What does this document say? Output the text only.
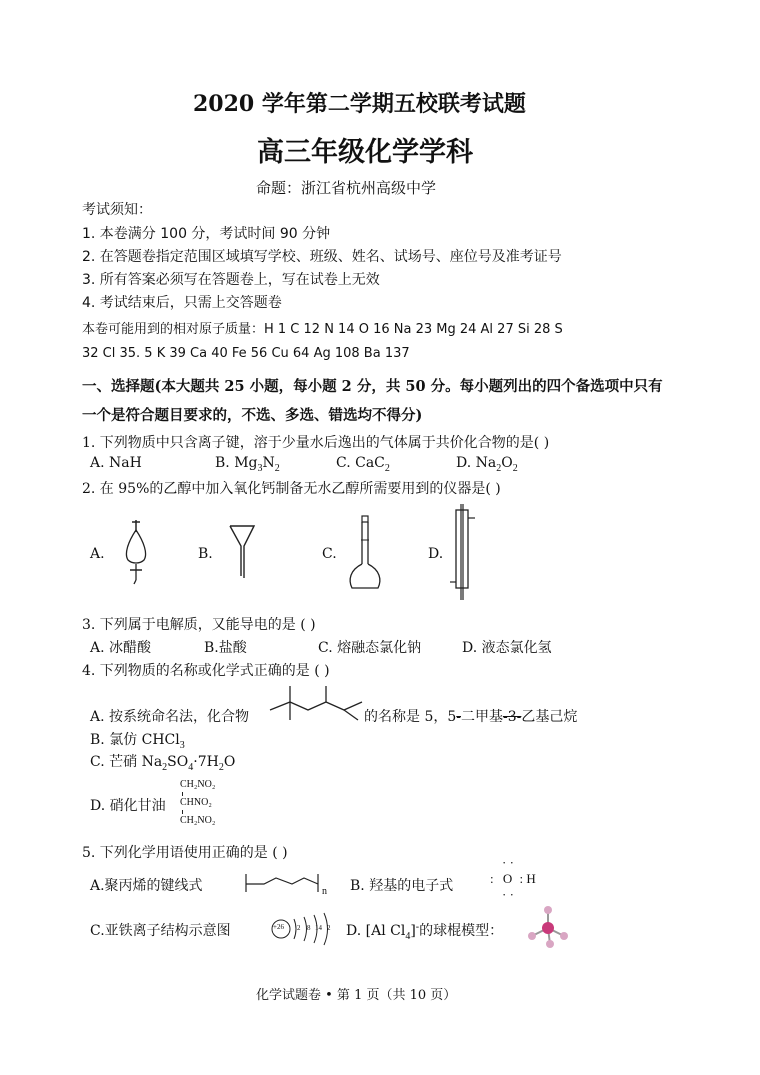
2020 学年第二学期五校联考试题
高三年级化学学科
命题：浙江省杭州高级中学
考试须知：
1. 本卷满分 100 分，考试时间 90 分钟
2. 在答题卷指定范围区域填写学校、班级、姓名、试场号、座位号及准考证号
3. 所有答案必须写在答题卷上，写在试卷上无效
4. 考试结束后，只需上交答题卷
本卷可能用到的相对原子质量：H 1 C 12 N 14 O 16 Na 23 Mg 24 Al 27 Si 28 S
32 Cl 35. 5 K 39 Ca 40 Fe 56 Cu 64 Ag 108 Ba 137
一、选择题(本大题共 25 小题，每小题 2 分，共 50 分。每小题列出的四个备选项中只有
一个是符合题目要求的，不选、多选、错选均不得分)
1. 下列物质中只含离子键，溶于少量水后逸出的气体属于共价化合物的是( )
A. NaH	B. $Mg_3N_2$	C. CaC$_2$	D. $Na_2O_2$
2. 在 95%的乙醇中加入氧化钙制备无水乙醇所需要用到的仪器是( )
A.	B.	C.	D.
3. 下列属于电解质，又能导电的是 ( )
A. 冰醋酸	B.盐酸	C. 熔融态氯化钠	D. 液态氯化氢
4. 下列物质的名称或化学式正确的是 ( )
A. 按系统命名法，化合物	的名称是 5，5-二甲基-3-乙基己烷
B. 氯仿 CHCl$_3$
C. 芒硝 $Na_2SO_4\cdot 7H_2O$
D. 硝化甘油
CH₂NO₂
CHNO₂
CH₂NO₂
5. 下列化学用语使用正确的是 ( )
A.聚丙烯的键线式	n B. 羟基的电子式
· ·
: O : H
· ·
C.亚铁离子结构示意图	+26 2 8 14 2 D. [Al $Cl_4]^-$的球棍模型：
化学试题卷 • 第 1 页（共 10 页）
